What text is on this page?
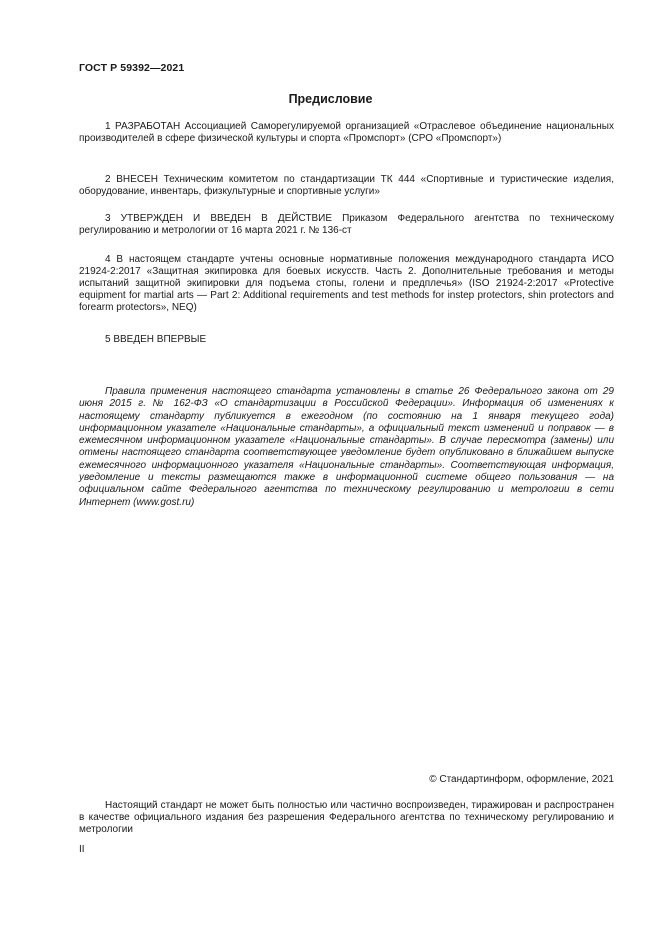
ГОСТ Р 59392—2021
Предисловие

1 РАЗРАБОТАН Ассоциацией Саморегулируемой организацией «Отраслевое объединение национальных производителей в сфере физической культуры и спорта «Промспорт» (СРО «Промспорт»)

2 ВНЕСЕН Техническим комитетом по стандартизации ТК 444 «Спортивные и туристические изделия, оборудование, инвентарь, физкультурные и спортивные услуги»

3 УТВЕРЖДЕН И ВВЕДЕН В ДЕЙСТВИЕ Приказом Федерального агентства по техническому регулированию и метрологии от 16 марта 2021 г. № 136-ст

4 В настоящем стандарте учтены основные нормативные положения международного стандарта ИСО 21924-2:2017 «Защитная экипировка для боевых искусств. Часть 2. Дополнительные требования и методы испытаний защитной экипировки для подъема стопы, голени и предплечья» (ISO 21924-2:2017 «Protective equipment for martial arts — Part 2: Additional requirements and test methods for instep protectors, shin protectors and forearm protectors», NEQ)

5 ВВЕДЕН ВПЕРВЫЕ

Правила применения настоящего стандарта установлены в статье 26 Федерального закона от 29 июня 2015 г. № 162-ФЗ «О стандартизации в Российской Федерации». Информация об изменениях к настоящему стандарту публикуется в ежегодном (по состоянию на 1 января текущего года) информационном указателе «Национальные стандарты», а официальный текст изменений и поправок — в ежемесячном информационном указателе «Национальные стандарты». В случае пересмотра (замены) или отмены настоящего стандарта соответствующее уведомление будет опубликовано в ближайшем выпуске ежемесячного информационного указателя «Национальные стандарты». Соответствующая информация, уведомление и тексты размещаются также в информационной системе общего пользования — на официальном сайте Федерального агентства по техническому регулированию и метрологии в сети Интернет (www.gost.ru)

© Стандартинформ, оформление, 2021

Настоящий стандарт не может быть полностью или частично воспроизведен, тиражирован и распространен в качестве официального издания без разрешения Федерального агентства по техническому регулированию и метрологии

II
